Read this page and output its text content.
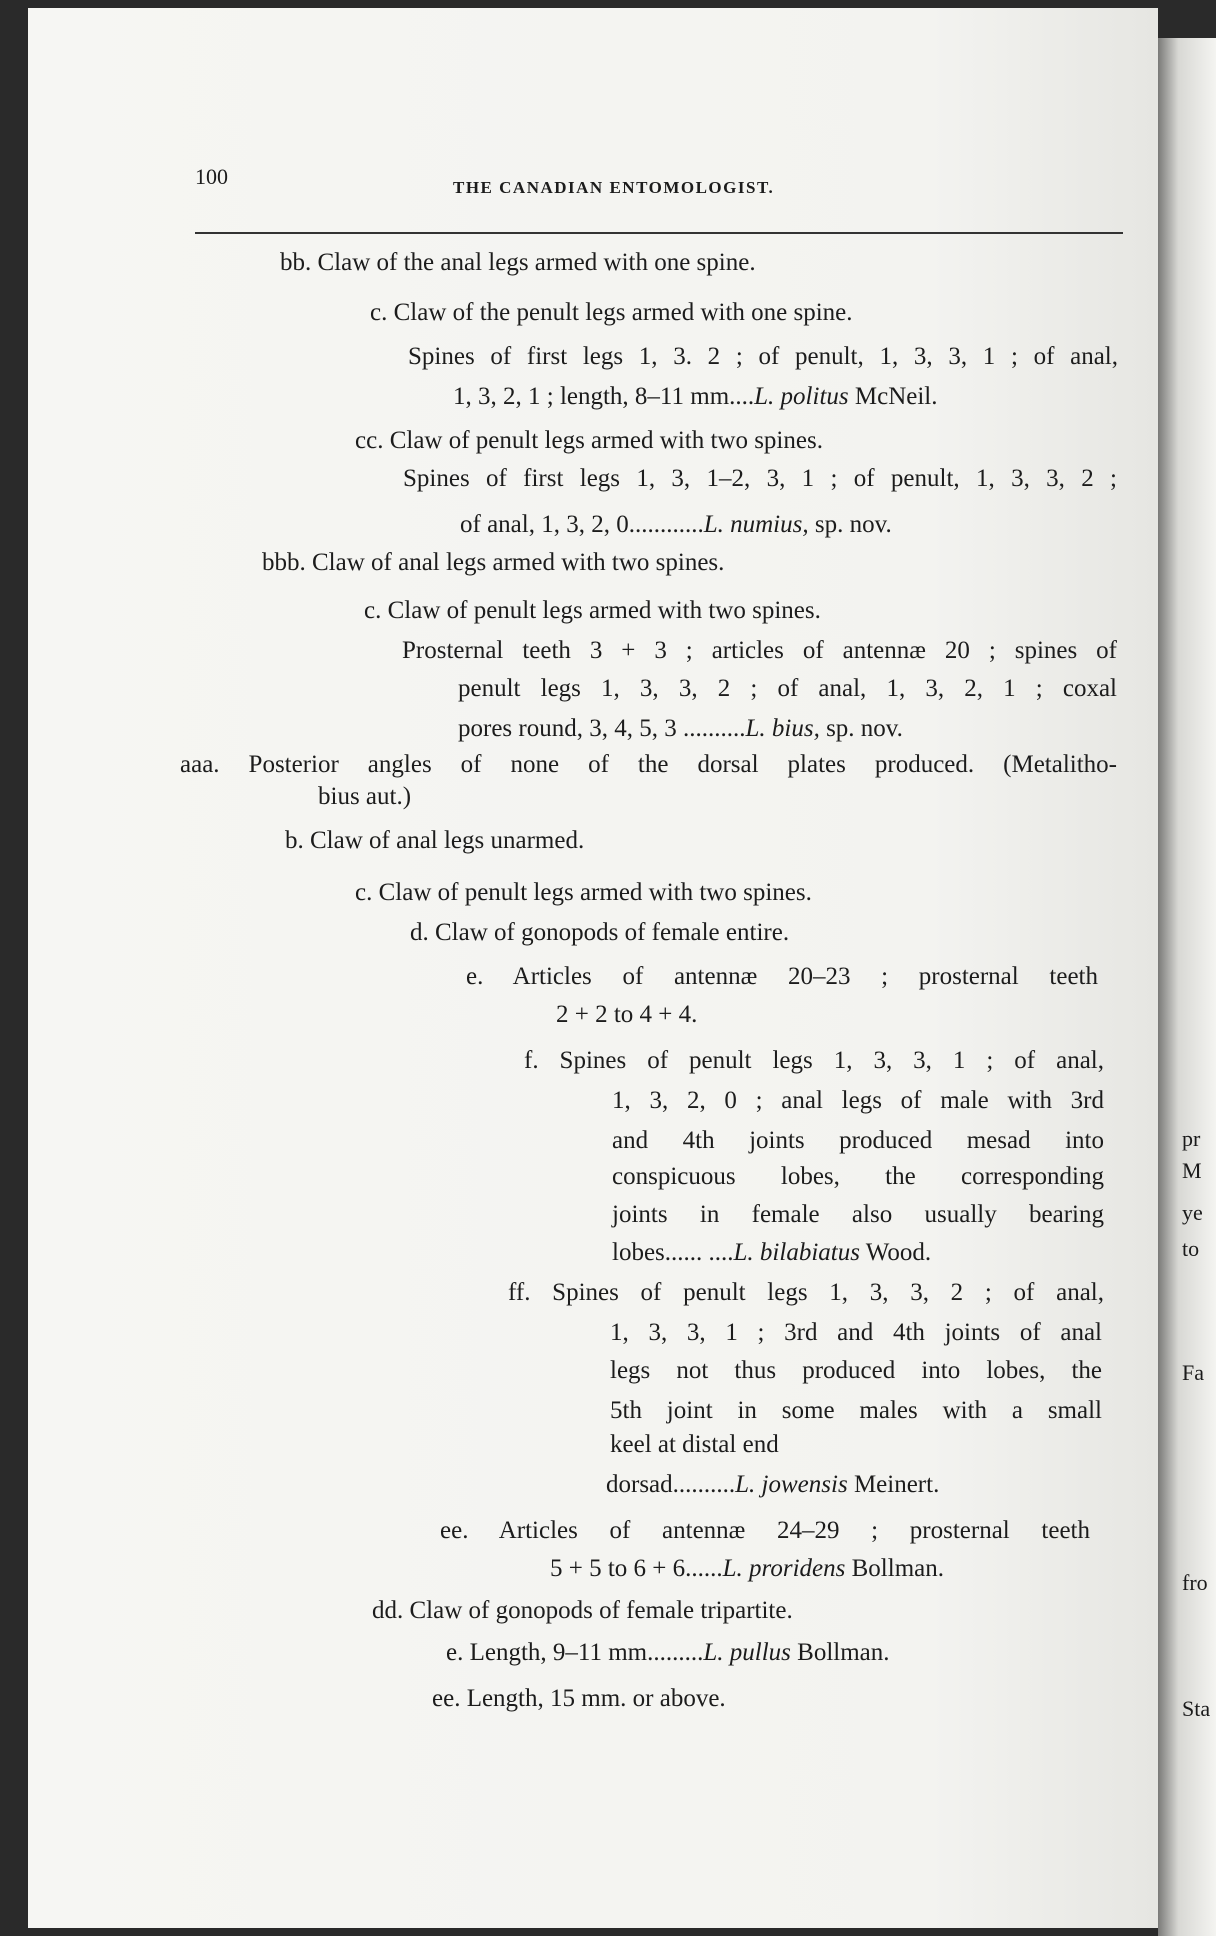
100	THE CANADIAN ENTOMOLOGIST.
bb. Claw of the anal legs armed with one spine.
c. Claw of the penult legs armed with one spine.
Spines of first legs 1, 3. 2 ; of penult, 1, 3, 3, 1 ; of anal,
1, 3, 2, 1 ; length, 8–11 mm....L. politus McNeil.
cc. Claw of penult legs armed with two spines.
Spines of first legs 1, 3, 1–2, 3, 1 ; of penult, 1, 3, 3, 2 ;
of anal, 1, 3, 2, 0............L. numius, sp. nov.
bbb. Claw of anal legs armed with two spines.
c. Claw of penult legs armed with two spines.
Prosternal teeth 3 + 3 ; articles of antennæ 20 ; spines of
penult legs 1, 3, 3, 2 ; of anal, 1, 3, 2, 1 ; coxal
pores round, 3, 4, 5, 3 ..........L. bius, sp. nov.
aaa. Posterior angles of none of the dorsal plates produced. (Metalitho-
bius aut.)
b. Claw of anal legs unarmed.
c. Claw of penult legs armed with two spines.
d. Claw of gonopods of female entire.
e. Articles of antennæ 20–23 ; prosternal teeth
2 + 2 to 4 + 4.
f. Spines of penult legs 1, 3, 3, 1 ; of anal,
1, 3, 2, 0 ; anal legs of male with 3rd
and 4th joints produced mesad into
conspicuous lobes, the corresponding
joints in female also usually bearing
lobes...... ....L. bilabiatus Wood.
ff. Spines of penult legs 1, 3, 3, 2 ; of anal,
1, 3, 3, 1 ; 3rd and 4th joints of anal
legs not thus produced into lobes, the
5th joint in some males with a small
keel at distal end
dorsad..........L. jowensis Meinert.
ee. Articles of antennæ 24–29 ; prosternal teeth
5 + 5 to 6 + 6......L. proridens Bollman.
dd. Claw of gonopods of female tripartite.
e. Length, 9–11 mm.........L. pullus Bollman.
ee. Length, 15 mm. or above.
pr
M
ye
to
Fa
fro
Sta
